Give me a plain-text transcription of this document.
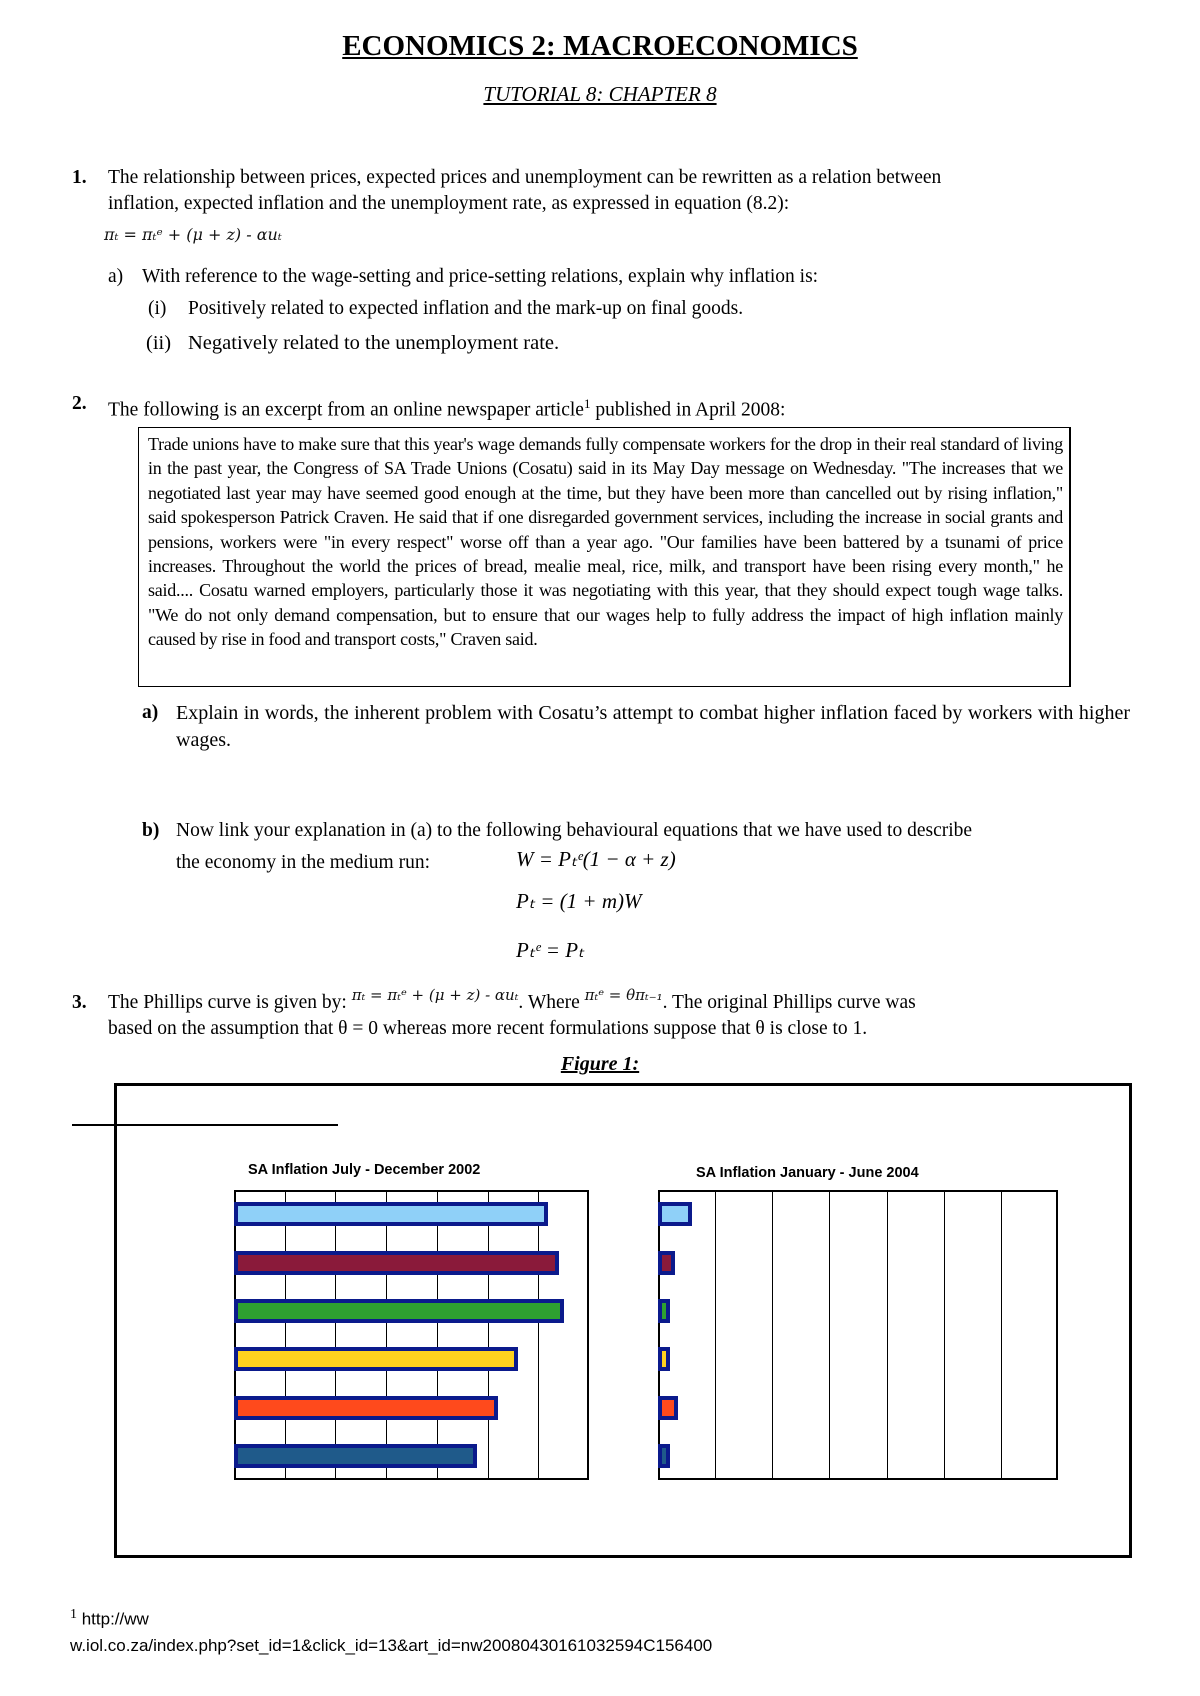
ECONOMICS 2: MACROECONOMICS
TUTORIAL 8: CHAPTER 8
1. The relationship between prices, expected prices and unemployment can be rewritten as a relation between
inflation, expected inflation and the unemployment rate, as expressed in equation (8.2):
πₜ = πₜᵉ + (μ + z) - αuₜ
a) With reference to the wage-setting and price-setting relations, explain why inflation is:
(i) Positively related to expected inflation and the mark-up on final goods.
(ii) Negatively related to the unemployment rate.
2. The following is an excerpt from an online newspaper article$^1$ published in April 2008:
Trade unions have to make sure that this year's wage demands fully compensate workers for the drop in their real standard of living in the past year, the Congress of SA Trade Unions (Cosatu) said in its May Day message on Wednesday. "The increases that we negotiated last year may have seemed good enough at the time, but they have been more than cancelled out by rising inflation," said spokesperson Patrick Craven. He said that if one disregarded government services, including the increase in social grants and pensions, workers were "in every respect" worse off than a year ago. "Our families have been battered by a tsunami of price increases. Throughout the world the prices of bread, mealie meal, rice, milk, and transport have been rising every month," he said.... Cosatu warned employers, particularly those it was negotiating with this year, that they should expect tough wage talks. "We do not only demand compensation, but to ensure that our wages help to fully address the impact of high inflation mainly caused by rise in food and transport costs," Craven said.
a) Explain in words, the inherent problem with Cosatu’s attempt to combat higher inflation faced by workers with higher wages.
b) Now link your explanation in (a) to the following behavioural equations that we have used to describe
the economy in the medium run:	W = Pₜᵉ(1 − α + z)
Pₜ = (1 + m)W
Pₜᵉ = Pₜ
3. The Phillips curve is given by: $^{\pi_t = \pi_tᵉ + (\mu + z) - \alpha u_t}$. Where $^{\pi_tᵉ = \theta\pi_{t-1}}$. The original Phillips curve was
based on the assumption that θ = 0 whereas more recent formulations suppose that θ is close to 1.
Figure 1:
SA Inflation July - December 2002	SA Inflation January - June 2004
$^1$ http://ww
w.iol.co.za/index.php?set_id=1&click_id=13&art_id=nw20080430161032594C156400
